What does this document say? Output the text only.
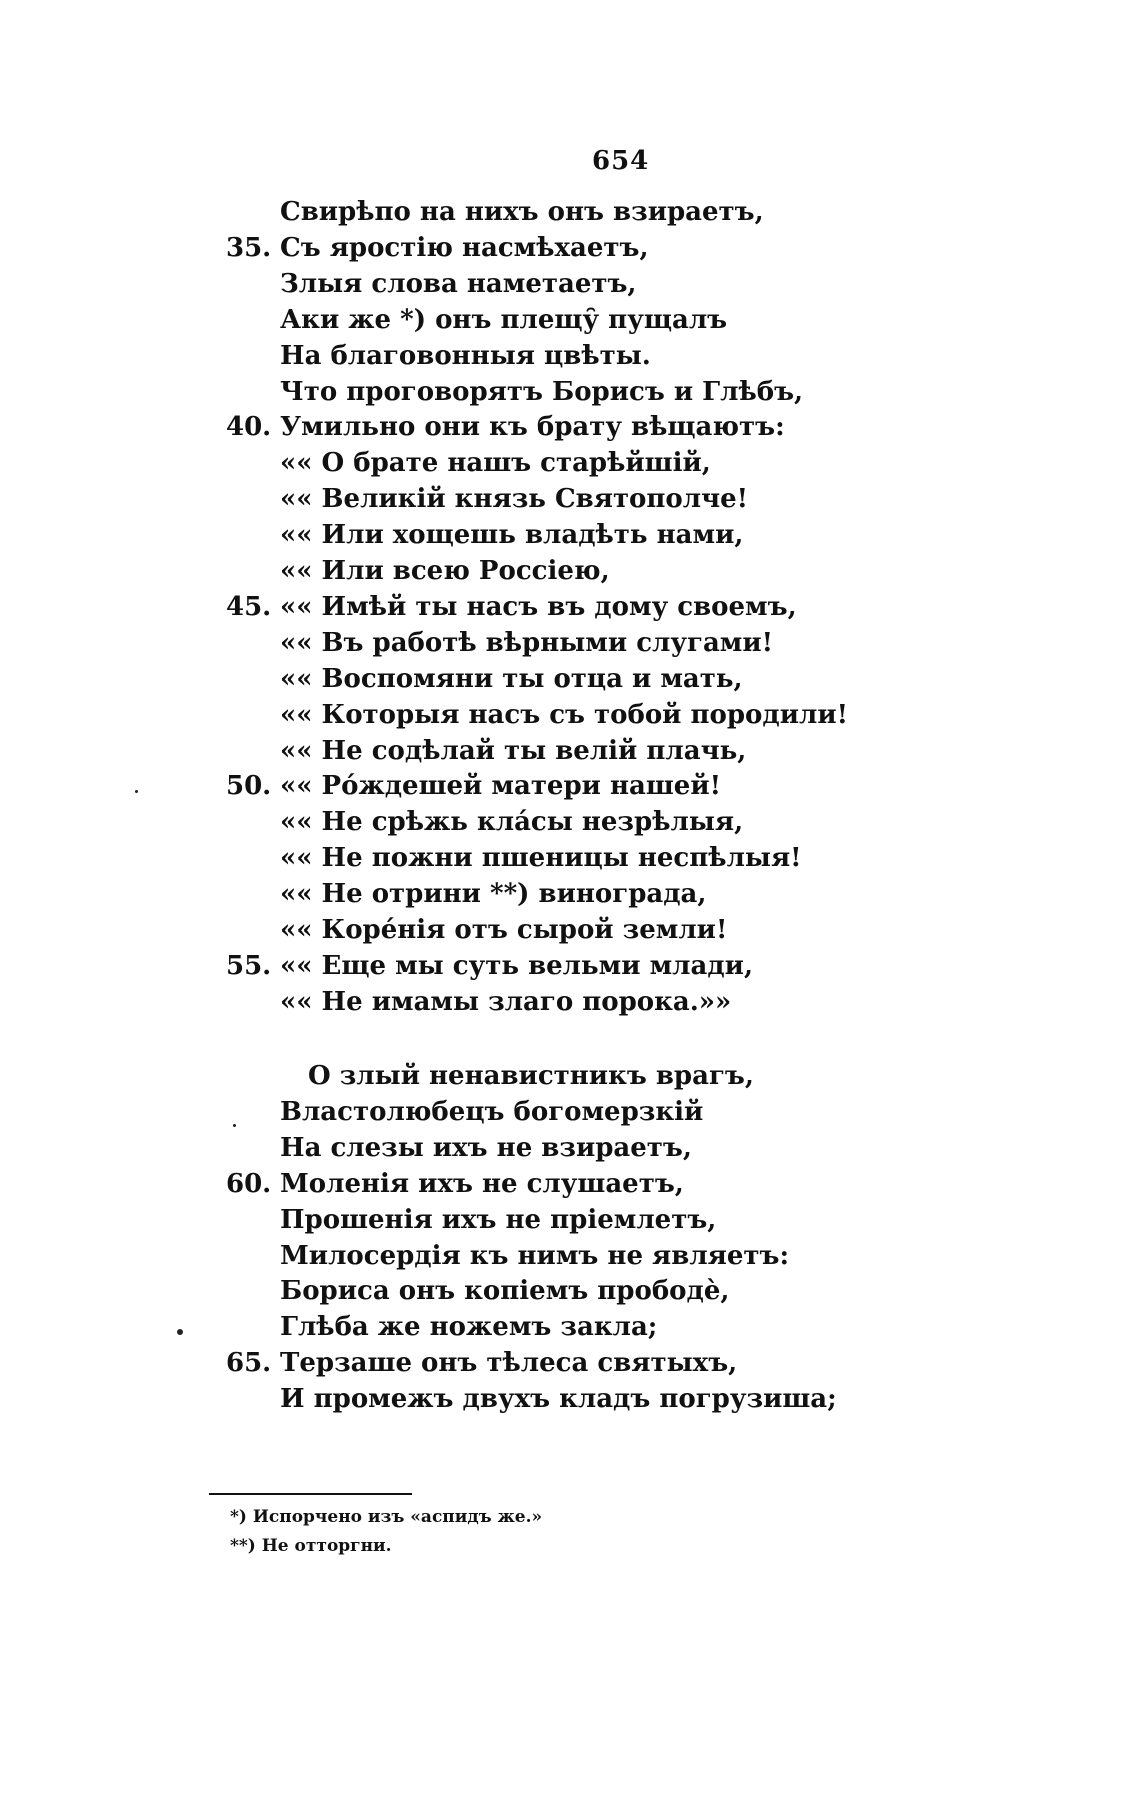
654
Свирѣпо на нихъ онъ взираетъ,
35. Съ яростію насмѣхаетъ,
Злыя слова наметаетъ,
Аки же *) онъ плещу̑ пущалъ
На благовонныя цвѣты.
Что проговорятъ Борисъ и Глѣбъ,
40. Умильно они къ брату вѣщаютъ:
«« О брате нашъ старѣйшій,
«« Великій князь Святополче!
«« Или хощешь владѣть нами,
«« Или всею Россіею,
45. «« Имѣй ты насъ въ дому своемъ,
«« Въ работѣ вѣрными слугами!
«« Воспомяни ты отца и мать,
«« Которыя насъ съ тобой породили!
«« Не содѣлай ты велій плачь,
50. «« Ро́ждешей матери нашей!
«« Не срѣжь кла́сы незрѣлыя,
«« Не пожни пшеницы неспѣлыя!
«« Не отрини **) винограда,
«« Коре́нія отъ сырой земли!
55. «« Еще мы суть вельми млади,
«« Не имамы злаго порока.»»
О злый ненавистникъ врагъ,
Властолюбецъ богомерзкій
На слезы ихъ не взираетъ,
60. Моленія ихъ не слушаетъ,
Прошенія ихъ не пріемлетъ,
Милосердія къ нимъ не являетъ:
Бориса онъ копіемъ прободѐ,
Глѣба же ножемъ закла;
65. Терзаше онъ тѣлеса святыхъ,
И промежъ двухъ кладъ погрузиша;
*) Испорчено изъ «аспидъ же.»
**) Не отторгни.
